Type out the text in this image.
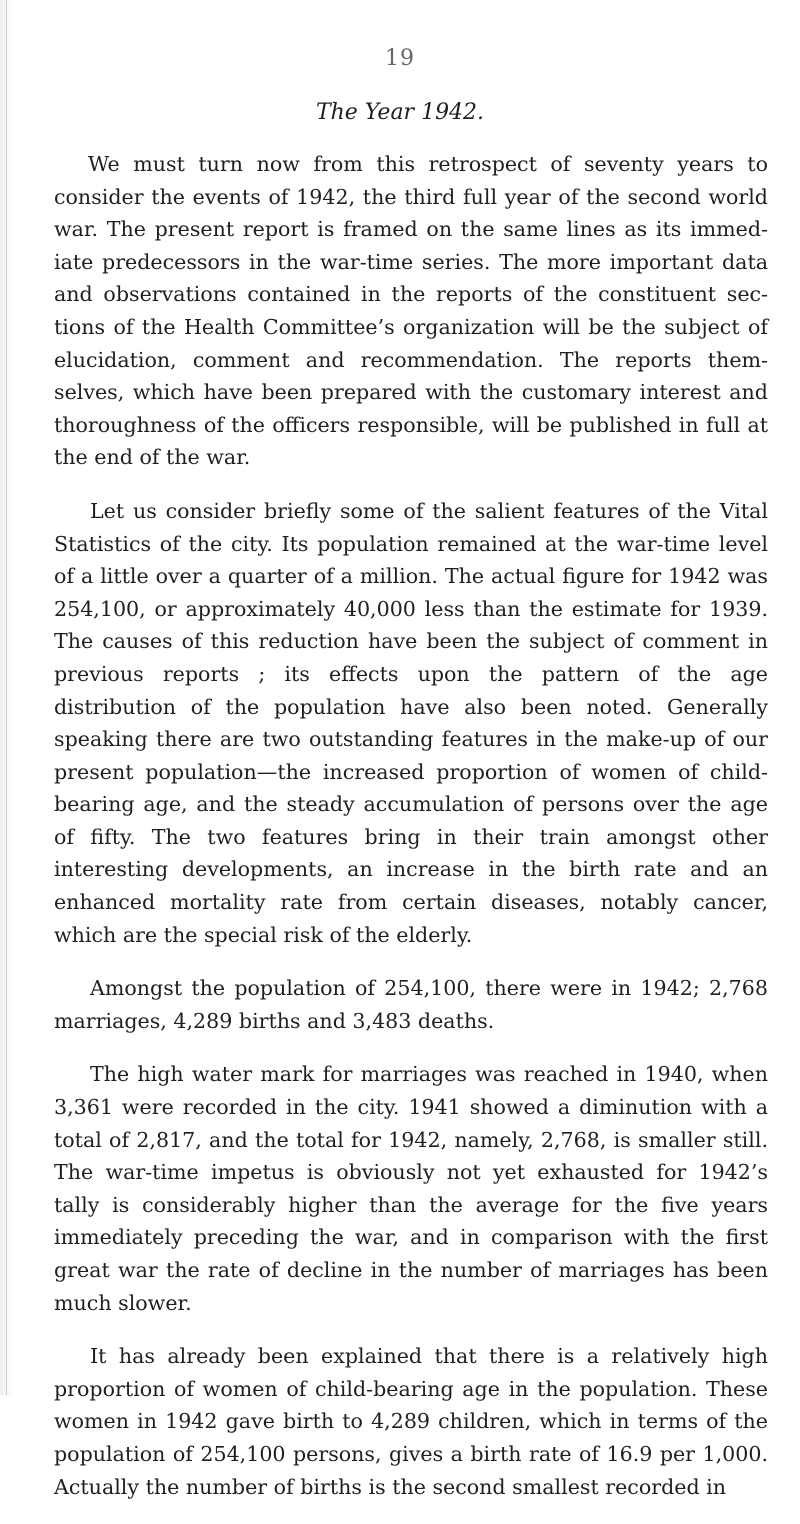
19
The Year 1942.

We must turn now from this retrospect of seventy years to consider the events of 1942, the third full year of the second world war. The present report is framed on the same lines as its immed-iate predecessors in the war-time series. The more important data and observations contained in the reports of the constituent sec-tions of the Health Committee’s organization will be the subject of elucidation, comment and recommendation. The reports them-selves, which have been prepared with the customary interest and thoroughness of the officers responsible, will be published in full at the end of the war.

Let us consider briefly some of the salient features of the Vital Statistics of the city. Its population remained at the war-time level of a little over a quarter of a million. The actual figure for 1942 was 254,100, or approximately 40,000 less than the estimate for 1939. The causes of this reduction have been the subject of comment in previous reports ; its effects upon the pattern of the age distribution of the population have also been noted. Generally speaking there are two outstanding features in the make-up of our present population—the increased proportion of women of child-bearing age, and the steady accumulation of persons over the age of fifty. The two features bring in their train amongst other interesting developments, an increase in the birth rate and an enhanced mortality rate from certain diseases, notably cancer, which are the special risk of the elderly.

Amongst the population of 254,100, there were in 1942; 2,768 marriages, 4,289 births and 3,483 deaths.

The high water mark for marriages was reached in 1940, when 3,361 were recorded in the city. 1941 showed a diminution with a total of 2,817, and the total for 1942, namely, 2,768, is smaller still. The war-time impetus is obviously not yet exhausted for 1942’s tally is considerably higher than the average for the five years immediately preceding the war, and in comparison with the first great war the rate of decline in the number of marriages has been much slower.

It has already been explained that there is a relatively high proportion of women of child-bearing age in the population. These women in 1942 gave birth to 4,289 children, which in terms of the population of 254,100 persons, gives a birth rate of 16.9 per 1,000. Actually the number of births is the second smallest recorded in
